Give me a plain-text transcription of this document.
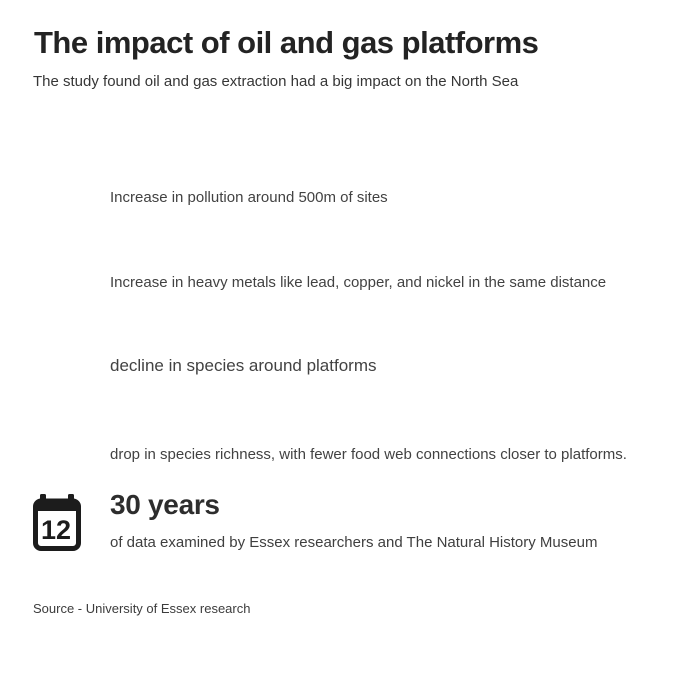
The impact of oil and gas platforms
The study found oil and gas extraction had a big impact on the North Sea
Increase in pollution around 500m of sites
Increase in heavy metals like lead, copper, and nickel in the same distance
decline in species around platforms
drop in species richness, with fewer food web connections closer to platforms.
12
30 years
of data examined by Essex researchers and The Natural History Museum
Source - University of Essex research
